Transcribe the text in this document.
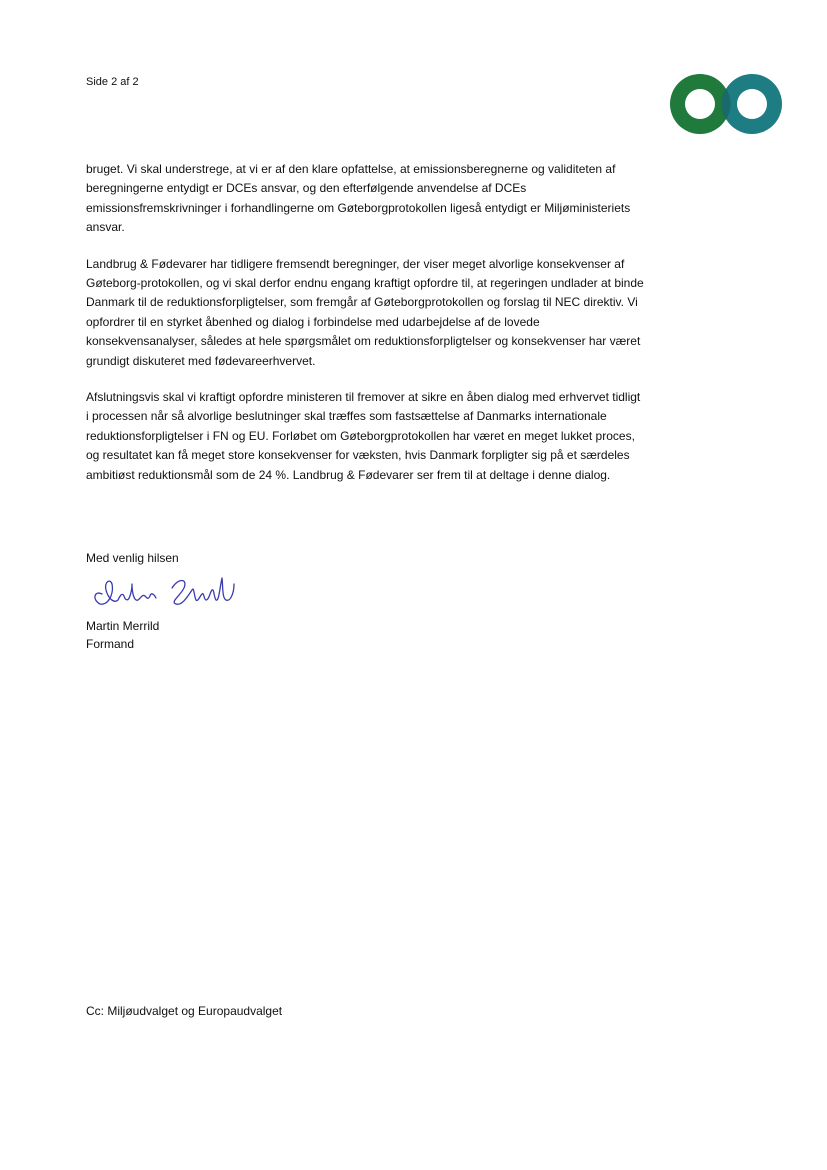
Side 2 af 2

bruget. Vi skal understrege, at vi er af den klare opfattelse, at emissionsberegnerne og validiteten af beregningerne entydigt er DCEs ansvar, og den efterfølgende anvendelse af DCEs emissionsfremskrivninger i forhandlingerne om Gøteborgprotokollen ligeså entydigt er Miljøministeriets ansvar.

Landbrug & Fødevarer har tidligere fremsendt beregninger, der viser meget alvorlige konsekvenser af Gøteborg-protokollen, og vi skal derfor endnu engang kraftigt opfordre til, at regeringen undlader at binde Danmark til de reduktionsforpligtelser, som fremgår af Gøteborgprotokollen og forslag til NEC direktiv. Vi opfordrer til en styrket åbenhed og dialog i forbindelse med udarbejdelse af de lovede konsekvensanalyser, således at hele spørgsmålet om reduktionsforpligtelser og konsekvenser har været grundigt diskuteret med fødevareerhvervet.

Afslutningsvis skal vi kraftigt opfordre ministeren til fremover at sikre en åben dialog med erhvervet tidligt i processen når så alvorlige beslutninger skal træffes som fastsættelse af Danmarks internationale reduktionsforpligtelser i FN og EU. Forløbet om Gøteborgprotokollen har været en meget lukket proces, og resultatet kan få meget store konsekvenser for væksten, hvis Danmark forpligter sig på et særdeles ambitiøst reduktionsmål som de 24 %. Landbrug & Fødevarer ser frem til at deltage i denne dialog.

Med venlig hilsen
Martin Merrild
Formand
Cc: Miljøudvalget og Europaudvalget
